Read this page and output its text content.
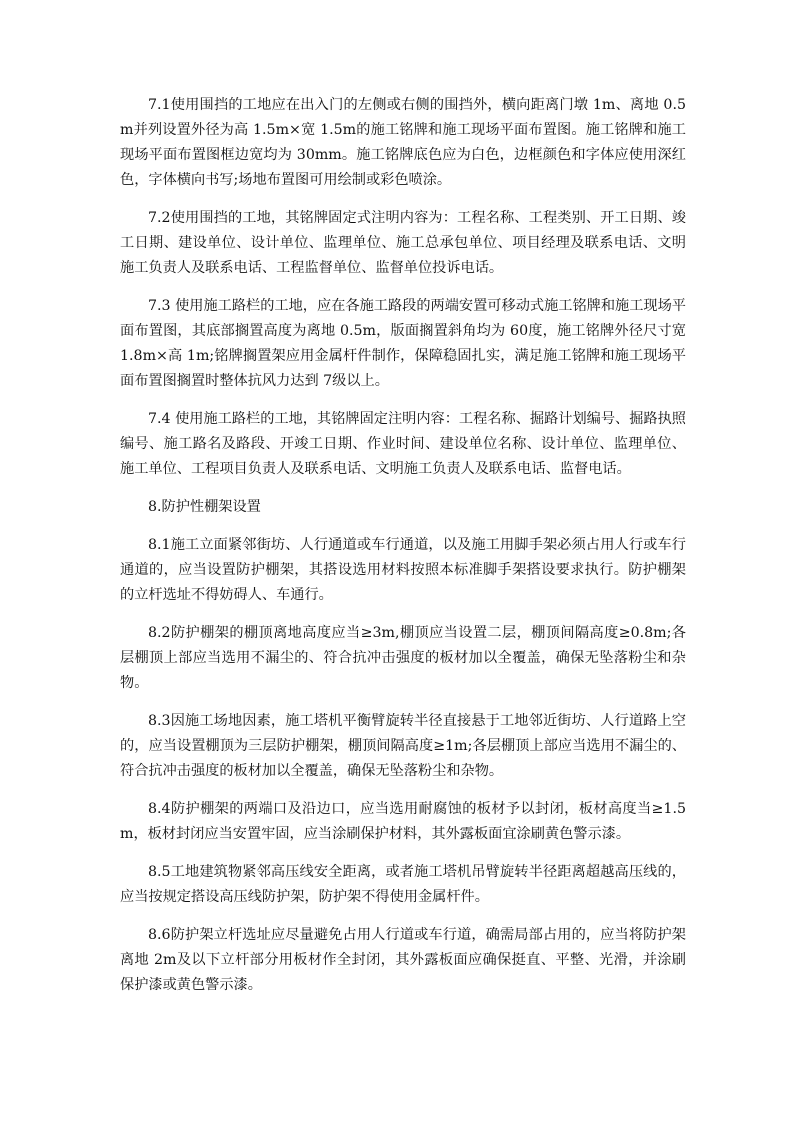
7.1使用围挡的工地应在出入门的左侧或右侧的围挡外，横向距离门墩 1m、离地 0.5m并列设置外径为高 1.5m×宽 1.5m的施工铭牌和施工现场平面布置图。施工铭牌和施工现场平面布置图框边宽均为 30mm。施工铭牌底色应为白色，边框颜色和字体应使用深红色，字体横向书写;场地布置图可用绘制或彩色喷涂。

7.2使用围挡的工地，其铭牌固定式注明内容为：工程名称、工程类别、开工日期、竣工日期、建设单位、设计单位、监理单位、施工总承包单位、项目经理及联系电话、文明施工负责人及联系电话、工程监督单位、监督单位投诉电话。

7.3 使用施工路栏的工地，应在各施工路段的两端安置可移动式施工铭牌和施工现场平面布置图，其底部搁置高度为离地 0.5m，版面搁置斜角均为 60度，施工铭牌外径尺寸宽 1.8m×高 1m;铭牌搁置架应用金属杆件制作，保障稳固扎实，满足施工铭牌和施工现场平面布置图搁置时整体抗风力达到 7级以上。

7.4 使用施工路栏的工地，其铭牌固定注明内容：工程名称、掘路计划编号、掘路执照编号、施工路名及路段、开竣工日期、作业时间、建设单位名称、设计单位、监理单位、施工单位、工程项目负责人及联系电话、文明施工负责人及联系电话、监督电话。

8.防护性棚架设置

8.1施工立面紧邻街坊、人行通道或车行通道，以及施工用脚手架必须占用人行或车行通道的，应当设置防护棚架，其搭设选用材料按照本标准脚手架搭设要求执行。防护棚架的立杆选址不得妨碍人、车通行。

8.2防护棚架的棚顶离地高度应当≥3m,棚顶应当设置二层，棚顶间隔高度≥0.8m;各层棚顶上部应当选用不漏尘的、符合抗冲击强度的板材加以全覆盖，确保无坠落粉尘和杂物。

8.3因施工场地因素，施工塔机平衡臂旋转半径直接悬于工地邻近街坊、人行道路上空的，应当设置棚顶为三层防护棚架，棚顶间隔高度≥1m;各层棚顶上部应当选用不漏尘的、符合抗冲击强度的板材加以全覆盖，确保无坠落粉尘和杂物。

8.4防护棚架的两端口及沿边口，应当选用耐腐蚀的板材予以封闭，板材高度当≥1.5m，板材封闭应当安置牢固，应当涂刷保护材料，其外露板面宜涂刷黄色警示漆。

8.5工地建筑物紧邻高压线安全距离，或者施工塔机吊臂旋转半径距离超越高压线的，应当按规定搭设高压线防护架，防护架不得使用金属杆件。

8.6防护架立杆选址应尽量避免占用人行道或车行道，确需局部占用的，应当将防护架离地 2m及以下立杆部分用板材作全封闭，其外露板面应确保挺直、平整、光滑，并涂刷保护漆或黄色警示漆。
